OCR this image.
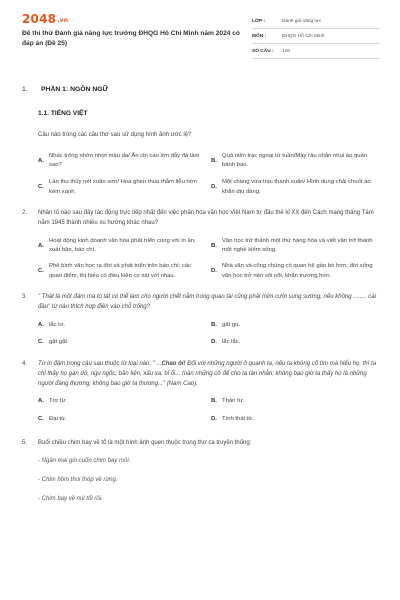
2048.vn
Đề thi thử Đánh giá năng lực trường ĐHQG Hồ Chí Minh năm 2024 có đáp án (Đề 25)
LỚP :	Đánh giá năng lực
MÔN :	ĐHQG Hồ Chí Minh
SỐ CÂU :	120
1.	PHẦN 1: NGÔN NGỮ
1.1. TIẾNG VIỆT
Câu nào trong các câu thơ sau sử dụng hình ảnh ước lệ?
A.
Nhác trông nhờn nhợt màu da/ Ăn chi cao lớn đẫy đà làm sao?
B.
Quả niên trạc ngoại tứ tuần/Mày râu nhẵn nhụi áo quần bảnh bao.
C.
Làn thu thủy nét xuân sơn/ Hoa ghen thua thắm liễu hờn kém xanh.
D.
Một chàng vừa trạc thanh xuân/ Hình dung chải chuốt áo khăn dịu dàng.
2.	Nhân tố nào sau đây tác động trực tiếp nhất đến việc phân hóa văn học Việt Nam từ đầu thế kỉ XX đến Cách mạng tháng Tám năm 1945 thành nhiều xu hướng khác nhau?
A.
Hoạt động kinh doanh văn hóa phát triển cùng với in ấn, xuất bản, báo chí.
B.
Văn học trở thành một thứ hàng hóa và viết văn trở thành một nghề kiếm sống.
C.
Phê bình văn học ra đời và phát triển trên báo chí; các quan điểm, thị hiếu có điều kiện cọ xát với nhau.
D.
Nhà văn và công chúng có quan hệ gần bó hơn; đời sống văn học trở nên sôi nổi, khẩn trương hơn.
3.	" Thật là một đám ma to tát có thể làm cho người chết nằm trong quan tài cũng phải mỉm cười sung sướng, nếu không ........ cái đầu" từ nào thích hợp điền vào chỗ trống?
A. lắc lư.	B. gật gù.
C. gật gật.	D. lắc lắc.
4.	Từ in đậm trong câu sau thuộc từ loại nào: " ...Chao ôi! Đối với những người ở quanh ta, nếu ta không cố tìm mà hiểu họ, thì ta chỉ thấy họ gàn dở, ngu ngốc, bần tiện, xấu xa, bỉ ổi... toàn những cớ để cho ta tàn nhẫn; không bao giờ ta thấy họ là những người đáng thương; không bao giờ ta thương..." (Nam Cao).
A. Trợ từ.	B. Thán từ.
C. Đại từ.	D. Tình thái từ.
5.	Buổi chiều chim bay về tổ là một hình ảnh quen thuộc trong thơ ca truyền thống:
- Ngàn mai gió cuốn chim bay mỏi.
- Chim hôm thoi thóp về rừng.
- Chim bay về núi tối rồi.
